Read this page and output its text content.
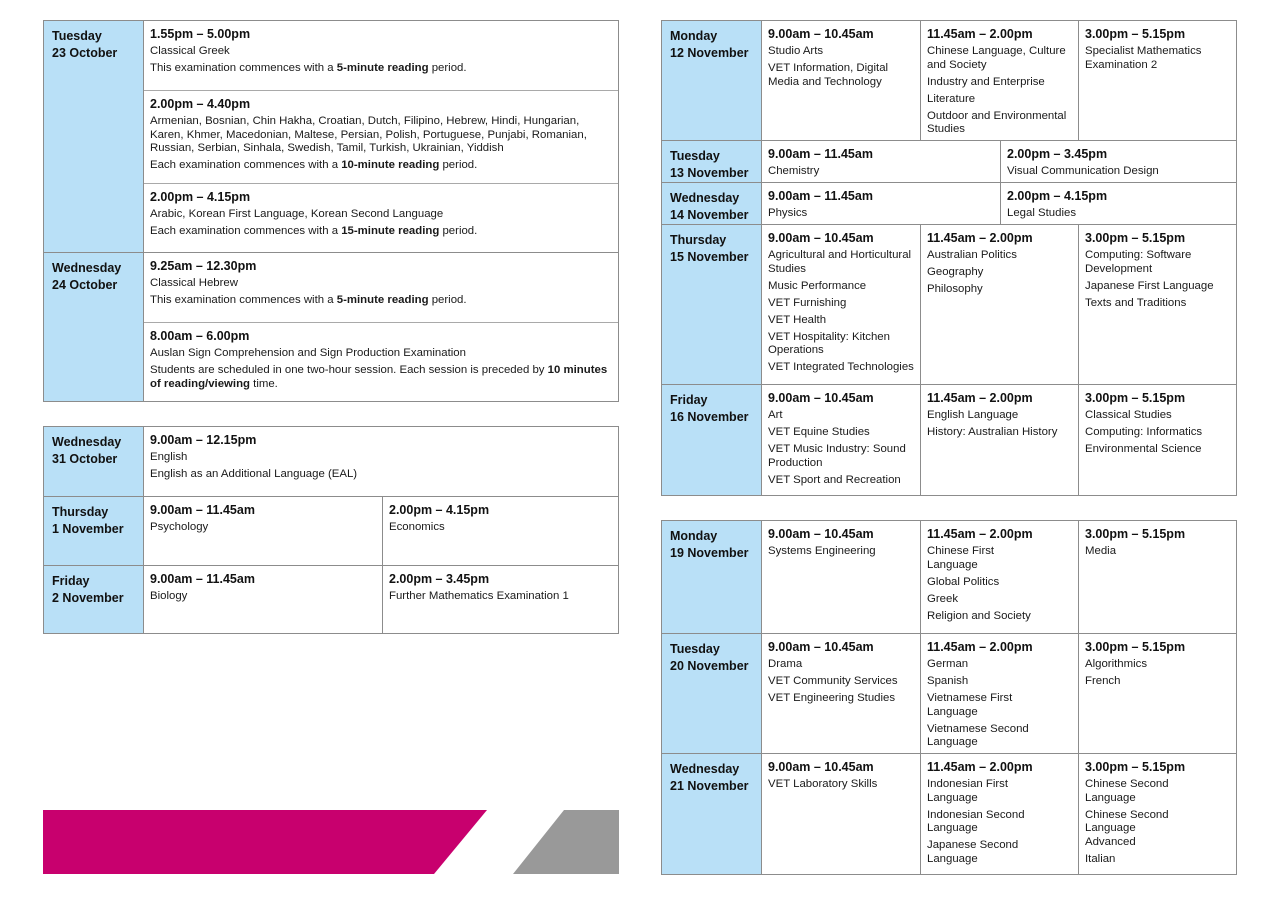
Tuesday
23 October
1.55pm – 5.00pm
Classical Greek
This examination commences with a 5-minute reading period.
2.00pm – 4.40pm
Armenian, Bosnian, Chin Hakha, Croatian, Dutch, Filipino, Hebrew, Hindi, Hungarian, Karen, Khmer, Macedonian, Maltese, Persian, Polish, Portuguese, Punjabi, Romanian, Russian, Serbian, Sinhala, Swedish, Tamil, Turkish, Ukrainian, Yiddish
Each examination commences with a 10-minute reading period.
2.00pm – 4.15pm
Arabic, Korean First Language, Korean Second Language
Each examination commences with a 15-minute reading period.
Wednesday
24 October
9.25am – 12.30pm
Classical Hebrew
This examination commences with a 5-minute reading period.
8.00am – 6.00pm
Auslan Sign Comprehension and Sign Production Examination
Students are scheduled in one two-hour session. Each session is preceded by 10 minutes of reading/viewing time.
Wednesday
31 October
9.00am – 12.15pm
English
English as an Additional Language (EAL)
Thursday
1 November
9.00am – 11.45am
Psychology
2.00pm – 4.15pm
Economics
Friday
2 November
9.00am – 11.45am
Biology
2.00pm – 3.45pm
Further Mathematics Examination 1
Monday
12 November
9.00am – 10.45am
Studio Arts
VET Information, Digital Media and Technology
11.45am – 2.00pm
Chinese Language, Culture and Society
Industry and Enterprise
Literature
Outdoor and Environmental Studies
3.00pm – 5.15pm
Specialist Mathematics Examination 2
Tuesday
13 November
9.00am – 11.45am
Chemistry
2.00pm – 3.45pm
Visual Communication Design
Wednesday
14 November
9.00am – 11.45am
Physics
2.00pm – 4.15pm
Legal Studies
Thursday
15 November
9.00am – 10.45am
Agricultural and Horticultural Studies
Music Performance
VET Furnishing
VET Health
VET Hospitality: Kitchen Operations
VET Integrated Technologies
11.45am – 2.00pm
Australian Politics
Geography
Philosophy
3.00pm – 5.15pm
Computing: Software Development
Japanese First Language
Texts and Traditions
Friday
16 November
9.00am – 10.45am
Art
VET Equine Studies
VET Music Industry: Sound Production
VET Sport and Recreation
11.45am – 2.00pm
English Language
History: Australian History
3.00pm – 5.15pm
Classical Studies
Computing: Informatics
Environmental Science
Monday
19 November
9.00am – 10.45am
Systems Engineering
11.45am – 2.00pm
Chinese First Language
Global Politics
Greek
Religion and Society
3.00pm – 5.15pm
Media
Tuesday
20 November
9.00am – 10.45am
Drama
VET Community Services
VET Engineering Studies
11.45am – 2.00pm
German
Spanish
Vietnamese First Language
Vietnamese Second Language
3.00pm – 5.15pm
Algorithmics
French
Wednesday
21 November
9.00am – 10.45am
VET Laboratory Skills
11.45am – 2.00pm
Indonesian First Language
Indonesian Second Language
Japanese Second Language
3.00pm – 5.15pm
Chinese Second Language
Chinese Second Language Advanced
Italian
